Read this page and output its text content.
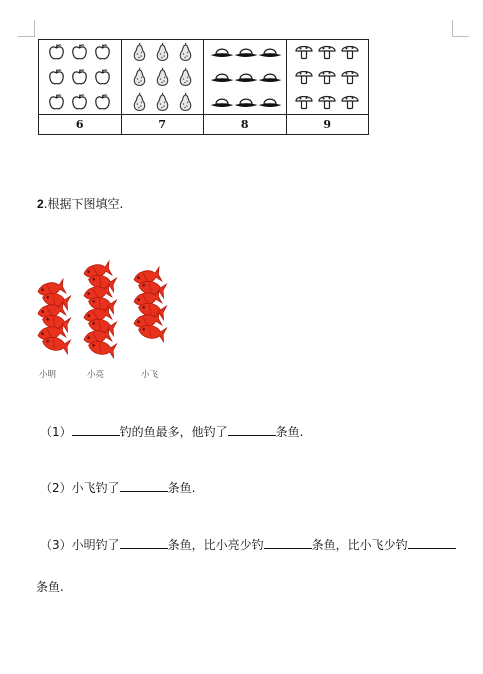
6	7	8	9
2.根据下图填空.
小明	小亮	小飞
（1）	钓的鱼最多，他钓了	条鱼.
（2）小飞钓了	条鱼.
（3）小明钓了	条鱼，比小亮少钓	条鱼，比小飞少钓
条鱼.
